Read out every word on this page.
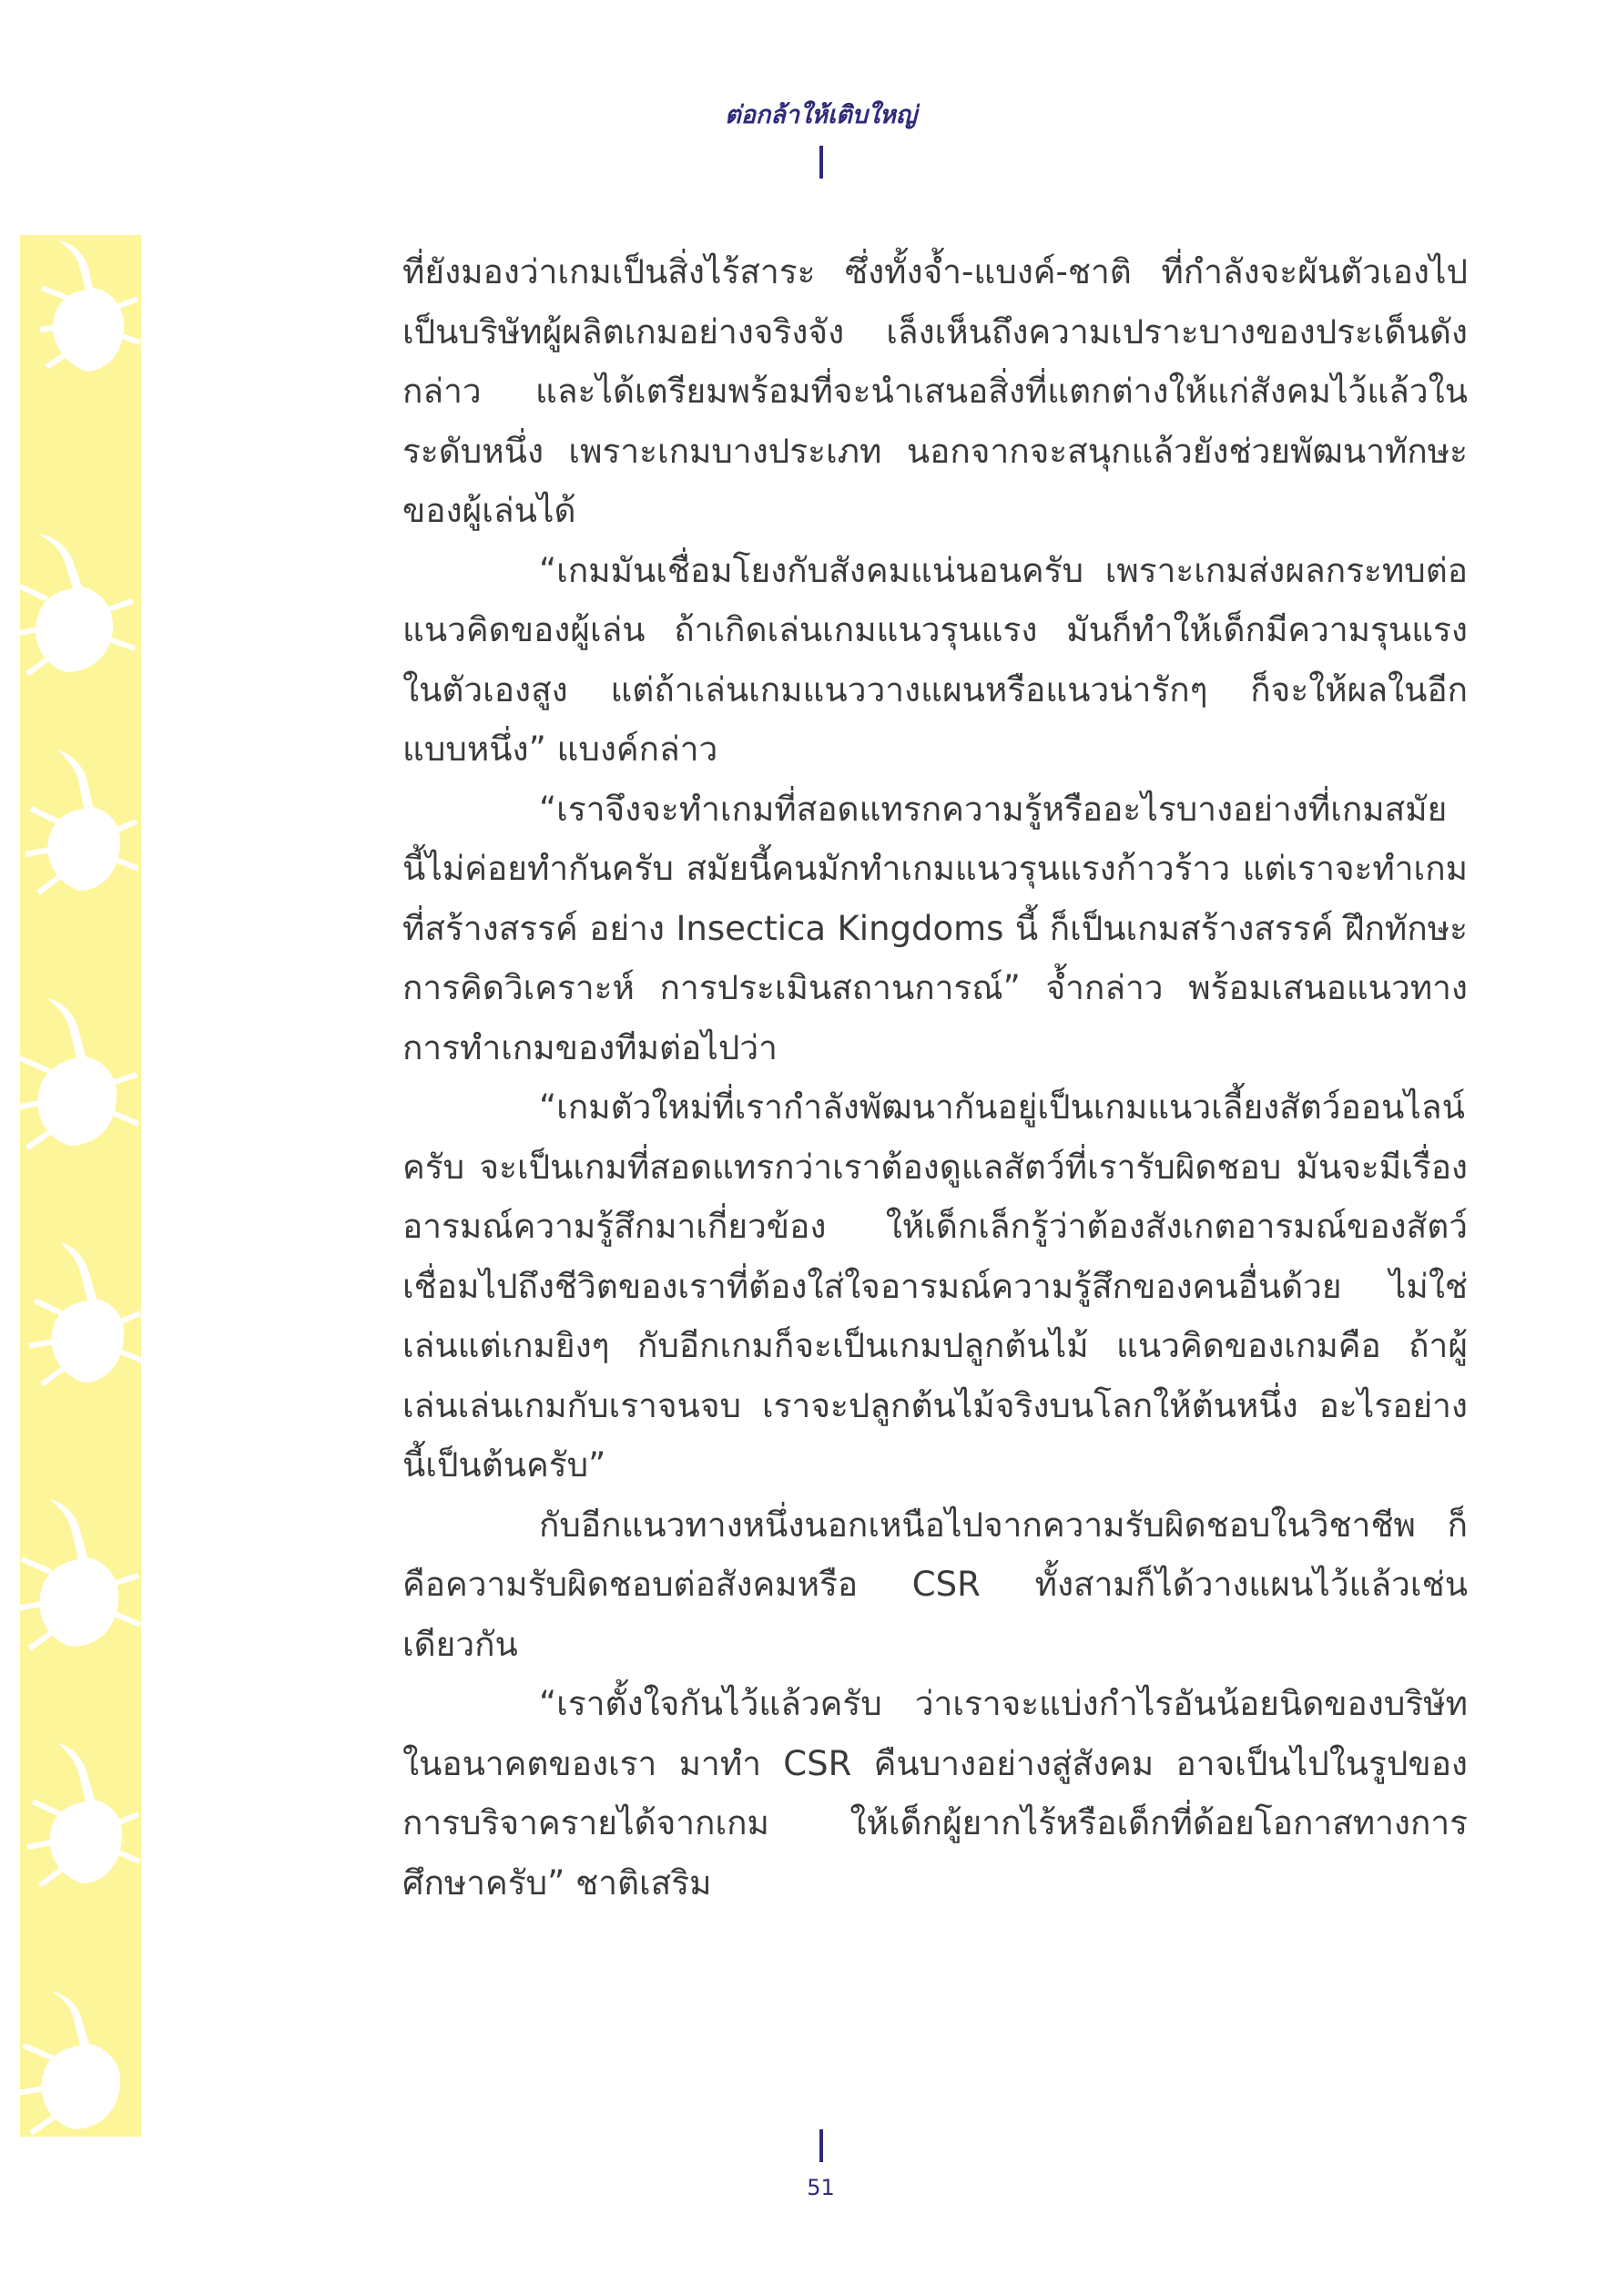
ต่อกล้าให้เติบใหญ่

ที่ยังมองว่าเกมเป็นสิ่งไร้สาระ ซึ่งทั้งจ้ำ-แบงค์-ชาติ ที่กำลังจะผันตัวเองไปเป็นบริษัทผู้ผลิตเกมอย่างจริงจัง เล็งเห็นถึงความเปราะบางของประเด็นดังกล่าว และได้เตรียมพร้อมที่จะนำเสนอสิ่งที่แตกต่างให้แก่สังคมไว้แล้วในระดับหนึ่ง เพราะเกมบางประเภท นอกจากจะสนุกแล้วยังช่วยพัฒนาทักษะของผู้เล่นได้

“เกมมันเชื่อมโยงกับสังคมแน่นอนครับ เพราะเกมส่งผลกระทบต่อแนวคิดของผู้เล่น ถ้าเกิดเล่นเกมแนวรุนแรง มันก็ทำให้เด็กมีความรุนแรงในตัวเองสูง แต่ถ้าเล่นเกมแนววางแผนหรือแนวน่ารักๆ ก็จะให้ผลในอีกแบบหนึ่ง” แบงค์กล่าว

“เราจึงจะทำเกมที่สอดแทรกความรู้หรืออะไรบางอย่างที่เกมสมัยนี้ไม่ค่อยทำกันครับ สมัยนี้คนมักทำเกมแนวรุนแรงก้าวร้าว แต่เราจะทำเกมที่สร้างสรรค์ อย่าง Insectica Kingdoms นี้ ก็เป็นเกมสร้างสรรค์ ฝึกทักษะการคิดวิเคราะห์ การประเมินสถานการณ์” จ้ำกล่าว พร้อมเสนอแนวทางการทำเกมของทีมต่อไปว่า

“เกมตัวใหม่ที่เรากำลังพัฒนากันอยู่เป็นเกมแนวเลี้ยงสัตว์ออนไลน์ครับ จะเป็นเกมที่สอดแทรกว่าเราต้องดูแลสัตว์ที่เรารับผิดชอบ มันจะมีเรื่องอารมณ์ความรู้สึกมาเกี่ยวข้อง ให้เด็กเล็กรู้ว่าต้องสังเกตอารมณ์ของสัตว์ เชื่อมไปถึงชีวิตของเราที่ต้องใส่ใจอารมณ์ความรู้สึกของคนอื่นด้วย ไม่ใช่เล่นแต่เกมยิงๆ กับอีกเกมก็จะเป็นเกมปลูกต้นไม้ แนวคิดของเกมคือ ถ้าผู้เล่นเล่นเกมกับเราจนจบ เราจะปลูกต้นไม้จริงบนโลกให้ต้นหนึ่ง อะไรอย่างนี้เป็นต้นครับ”

กับอีกแนวทางหนึ่งนอกเหนือไปจากความรับผิดชอบในวิชาชีพ ก็คือความรับผิดชอบต่อสังคมหรือ CSR ทั้งสามก็ได้วางแผนไว้แล้วเช่นเดียวกัน

“เราตั้งใจกันไว้แล้วครับ ว่าเราจะแบ่งกำไรอันน้อยนิดของบริษัทในอนาคตของเรา มาทำ CSR คืนบางอย่างสู่สังคม อาจเป็นไปในรูปของการบริจาครายได้จากเกม ให้เด็กผู้ยากไร้หรือเด็กที่ด้อยโอกาสทางการศึกษาครับ” ชาติเสริม

51
